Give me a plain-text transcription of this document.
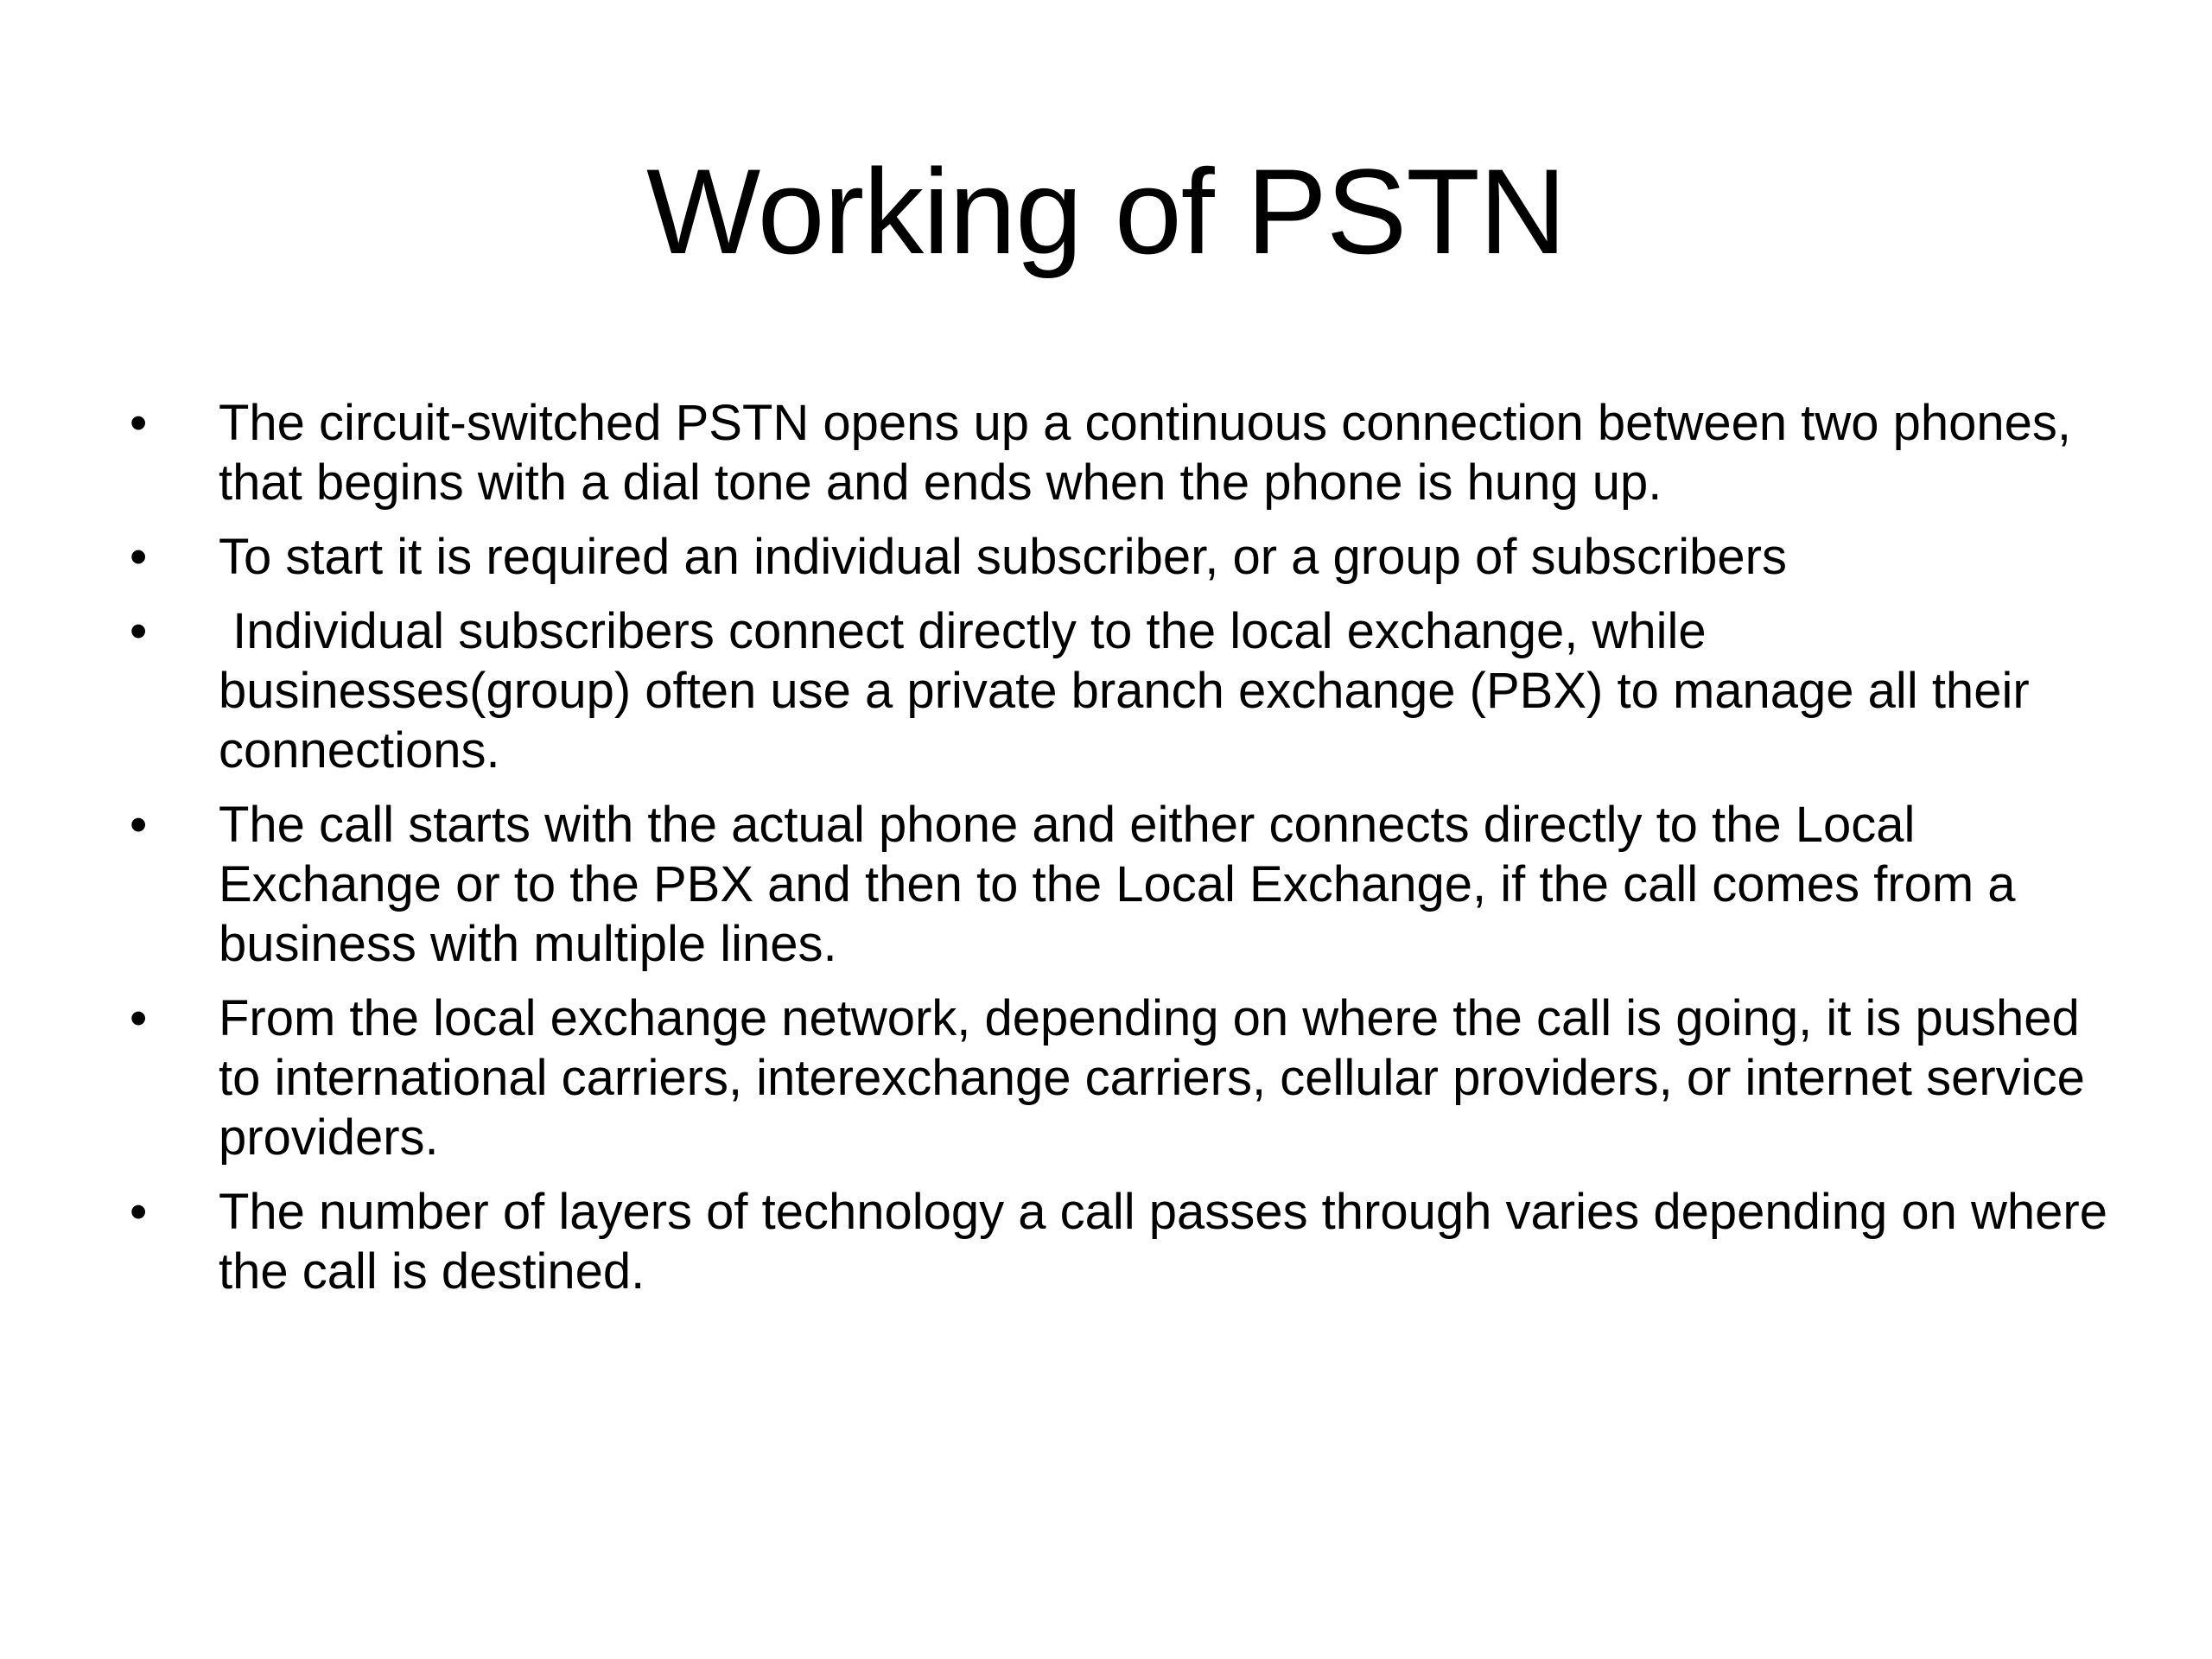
Working of PSTN
•	The circuit-switched PSTN opens up a continuous connection between two phones, that begins with a dial tone and ends when the phone is hung up.
•	To start it is required an individual subscriber, or a group of subscribers
•	Individual subscribers connect directly to the local exchange, while businesses(group) often use a private branch exchange (PBX) to manage all their connections.
•	The call starts with the actual phone and either connects directly to the Local Exchange or to the PBX and then to the Local Exchange, if the call comes from a business with multiple lines.
•	From the local exchange network, depending on where the call is going, it is pushed to international carriers, interexchange carriers, cellular providers, or internet service providers.
•	The number of layers of technology a call passes through varies depending on where the call is destined.
